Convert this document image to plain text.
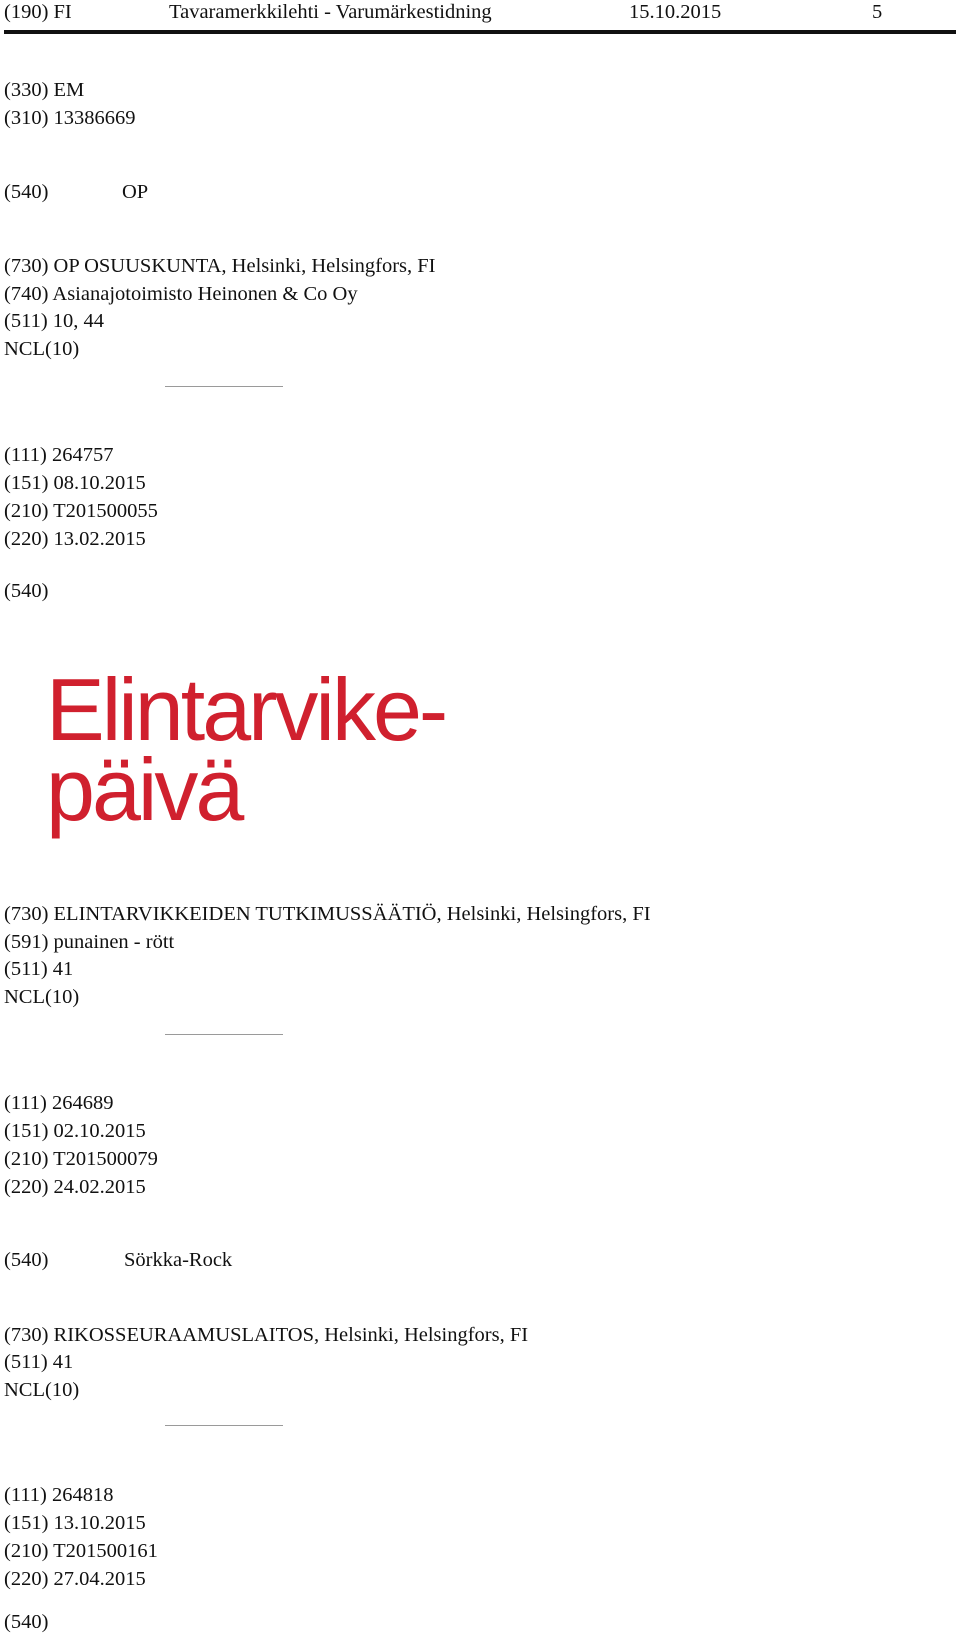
(190) FI	Tavaramerkkilehti - Varumärkestidning	15.10.2015	5
(330) EM
(310) 13386669
(540)	OP
(730) OP OSUUSKUNTA, Helsinki, Helsingfors, FI
(740) Asianajotoimisto Heinonen & Co Oy
(511) 10, 44
NCL(10)
(111) 264757
(151) 08.10.2015
(210) T201500055
(220) 13.02.2015
(540)
Elintarvike-
päivä
(730) ELINTARVIKKEIDEN TUTKIMUSSÄÄTIÖ, Helsinki, Helsingfors, FI
(591) punainen - rött
(511) 41
NCL(10)
(111) 264689
(151) 02.10.2015
(210) T201500079
(220) 24.02.2015
(540)	Sörkka-Rock
(730) RIKOSSEURAAMUSLAITOS, Helsinki, Helsingfors, FI
(511) 41
NCL(10)
(111) 264818
(151) 13.10.2015
(210) T201500161
(220) 27.04.2015
(540)
